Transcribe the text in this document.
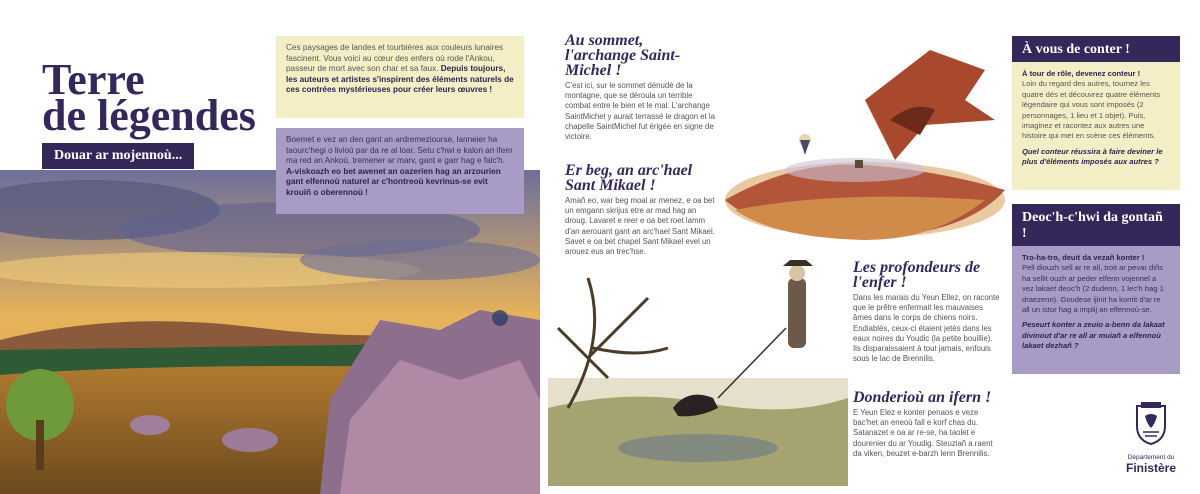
Terre
de légendes
Douar ar mojennoù...
Ces paysages de landes et tourbières aux couleurs lunaires fascinent. Vous voici au cœur des enfers où rode l'Ankou, passeur de mort avec son char et sa faux. Depuis toujours, les auteurs et artistes s'inspirent des éléments naturels de ces contrées mystérieuses pour créer leurs œuvres !
Boemet e vez an den gant an ardremeziourse, lanneier ha taourc'hegi o livioù par da re al loar. Setu c'hwi e kalon an ifern ma red an Ankoù, tremener ar marv, gant e garr hag e falc'h. A-viskoazh eo bet awenet an oazerien hag an arzourien gant elfennoù naturel ar c'hontreoù kevrinus-se evit krouiñ o oberennoù !
Au sommet, l'archange Saint-Michel !
C'est ici, sur le sommet dénudé de la montagne, que se déroula un terrible combat entre le bien et le mal. L'archange SaintMichel y aurait terrassé le dragon et la chapelle SaintMichel fut érigée en signe de victoire.
Er beg, an arc'hael Sant Mikael !
Amañ eo, war beg moal ar menez, e oa bet un emgann skrijus etre ar mad hag an droug. Lavaret e reer e oa bet roet lamm d'an aerouant gant an arc'hael Sant Mikael. Savet e oa bet chapel Sant Mikael evel un arouez eus an trec'hse.
Les profondeurs de l'enfer !
Dans les marais du Yeun Ellez, on raconte que le prêtre enfermait les mauvaises âmes dans le corps de chiens noirs. Endiablés, ceux-ci étaient jetés dans les eaux noires du Youdic (la petite bouillie). Ils disparaissaient à tout jamais, enfouis sous le lac de Brennilis.
Donderioù an ifern !
E Yeun Elez e konter penaos e veze bac'het an eneoù fall e korf chas du. Satanazet e oa ar re-se, ha taolet e dourenier du ar Youdig. Steuziañ a raent da viken, beuzet e-barzh lenn Brennilis.
À vous de conter !
À tour de rôle, devenez conteur !
Loin du regard des autres, tournez les quatre dés et découvrez quatre éléments légendaire qui vous sont imposés (2 personnages, 1 lieu et 1 objet). Puis, imaginez et racontez aux autres une histoire qui met en scène ces éléments.
Quel conteur réussira à faire deviner le plus d'éléments imposés aux autres ?
Deoc'h-c'hwi da gontañ !
Tro-ha-tro, deuit da vezañ konter !
Pell diouzh sell ar re all, troit ar pevar diñs ha sellit ouzh ar peder elfenn vojennel a vez lakaet deoc'h (2 dudenn, 1 lec'h hag 1 draezenn). Goudese ijinit ha kontit d'ar re all un istor hag a implij an elfennoù-se.
Peseurt konter a zeuio a-benn da lakaat divinout d'ar re all ar muiañ a elfennoù lakaet dezhañ ?
Département du
Finistère
